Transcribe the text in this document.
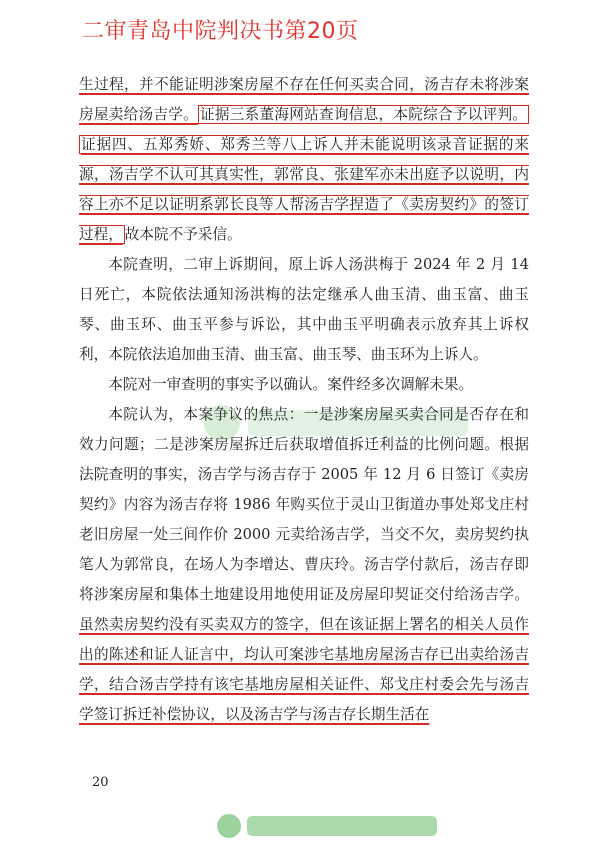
二审青岛中院判决书第20页

生过程，并不能证明涉案房屋不存在任何买卖合同，汤吉存未将涉案房屋卖给汤吉学。 证据三系董海网站查询信息，本院综合予以评判。证据四、五郑秀娇、郑秀兰等八上诉人并未能说明该录音证据的来源，汤吉学不认可其真实性，郭常良、张建军亦未出庭予以说明，内容上亦不足以证明系郭长良等人帮汤吉学捏造了《卖房契约》的签订过程， 故本院不予采信。

本院查明，二审上诉期间，原上诉人汤洪梅于 2024 年 2 月 14 日死亡，本院依法通知汤洪梅的法定继承人曲玉清、曲玉富、曲玉琴、曲玉环、曲玉平参与诉讼，其中曲玉平明确表示放弃其上诉权利，本院依法追加曲玉清、曲玉富、曲玉琴、曲玉环为上诉人。

本院对一审查明的事实予以确认。案件经多次调解未果。

本院认为，本案争议的焦点：一是涉案房屋买卖合同是否存在和效力问题；二是涉案房屋拆迁后获取增值拆迁利益的比例问题。根据法院查明的事实，汤吉学与汤吉存于 2005 年 12 月 6 日签订《卖房契约》内容为汤吉存将 1986 年购买位于灵山卫街道办事处郑戈庄村老旧房屋一处三间作价 2000 元卖给汤吉学，当交不欠，卖房契约执笔人为郭常良，在场人为李增达、曹庆玲。汤吉学付款后，汤吉存即将涉案房屋和集体土地建设用地使用证及房屋印契证交付给汤吉学。虽然卖房契约没有买卖双方的签字，但在该证据上署名的相关人员作出的陈述和证人证言中，均认可案涉宅基地房屋汤吉存已出卖给汤吉学，结合汤吉学持有该宅基地房屋相关证件、郑戈庄村委会先与汤吉学签订拆迁补偿协议，以及汤吉学与汤吉存长期生活在

20
